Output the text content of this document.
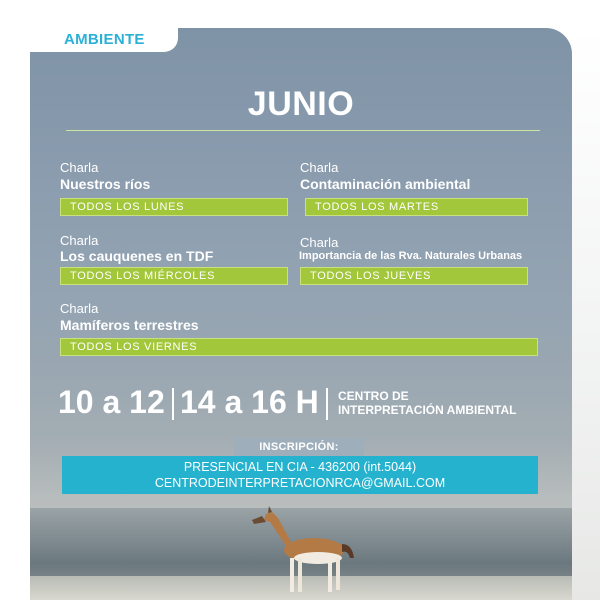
AMBIENTE
JUNIO
Charla
Nuestros ríos
TODOS LOS LUNES
Charla
Contaminación ambiental
TODOS LOS MARTES
Charla
Los cauquenes en TDF
TODOS LOS MIÉRCOLES
Charla
Importancia de las Rva. Naturales Urbanas
TODOS LOS JUEVES
Charla
Mamíferos terrestres
TODOS LOS VIERNES
10 a 12 14 a 16 H CENTRO DE
INTERPRETACIÓN AMBIENTAL
INSCRIPCIÓN:
PRESENCIAL EN CIA - 436200 (int.5044)
CENTRODEINTERPRETACIONRCA@GMAIL.COM
